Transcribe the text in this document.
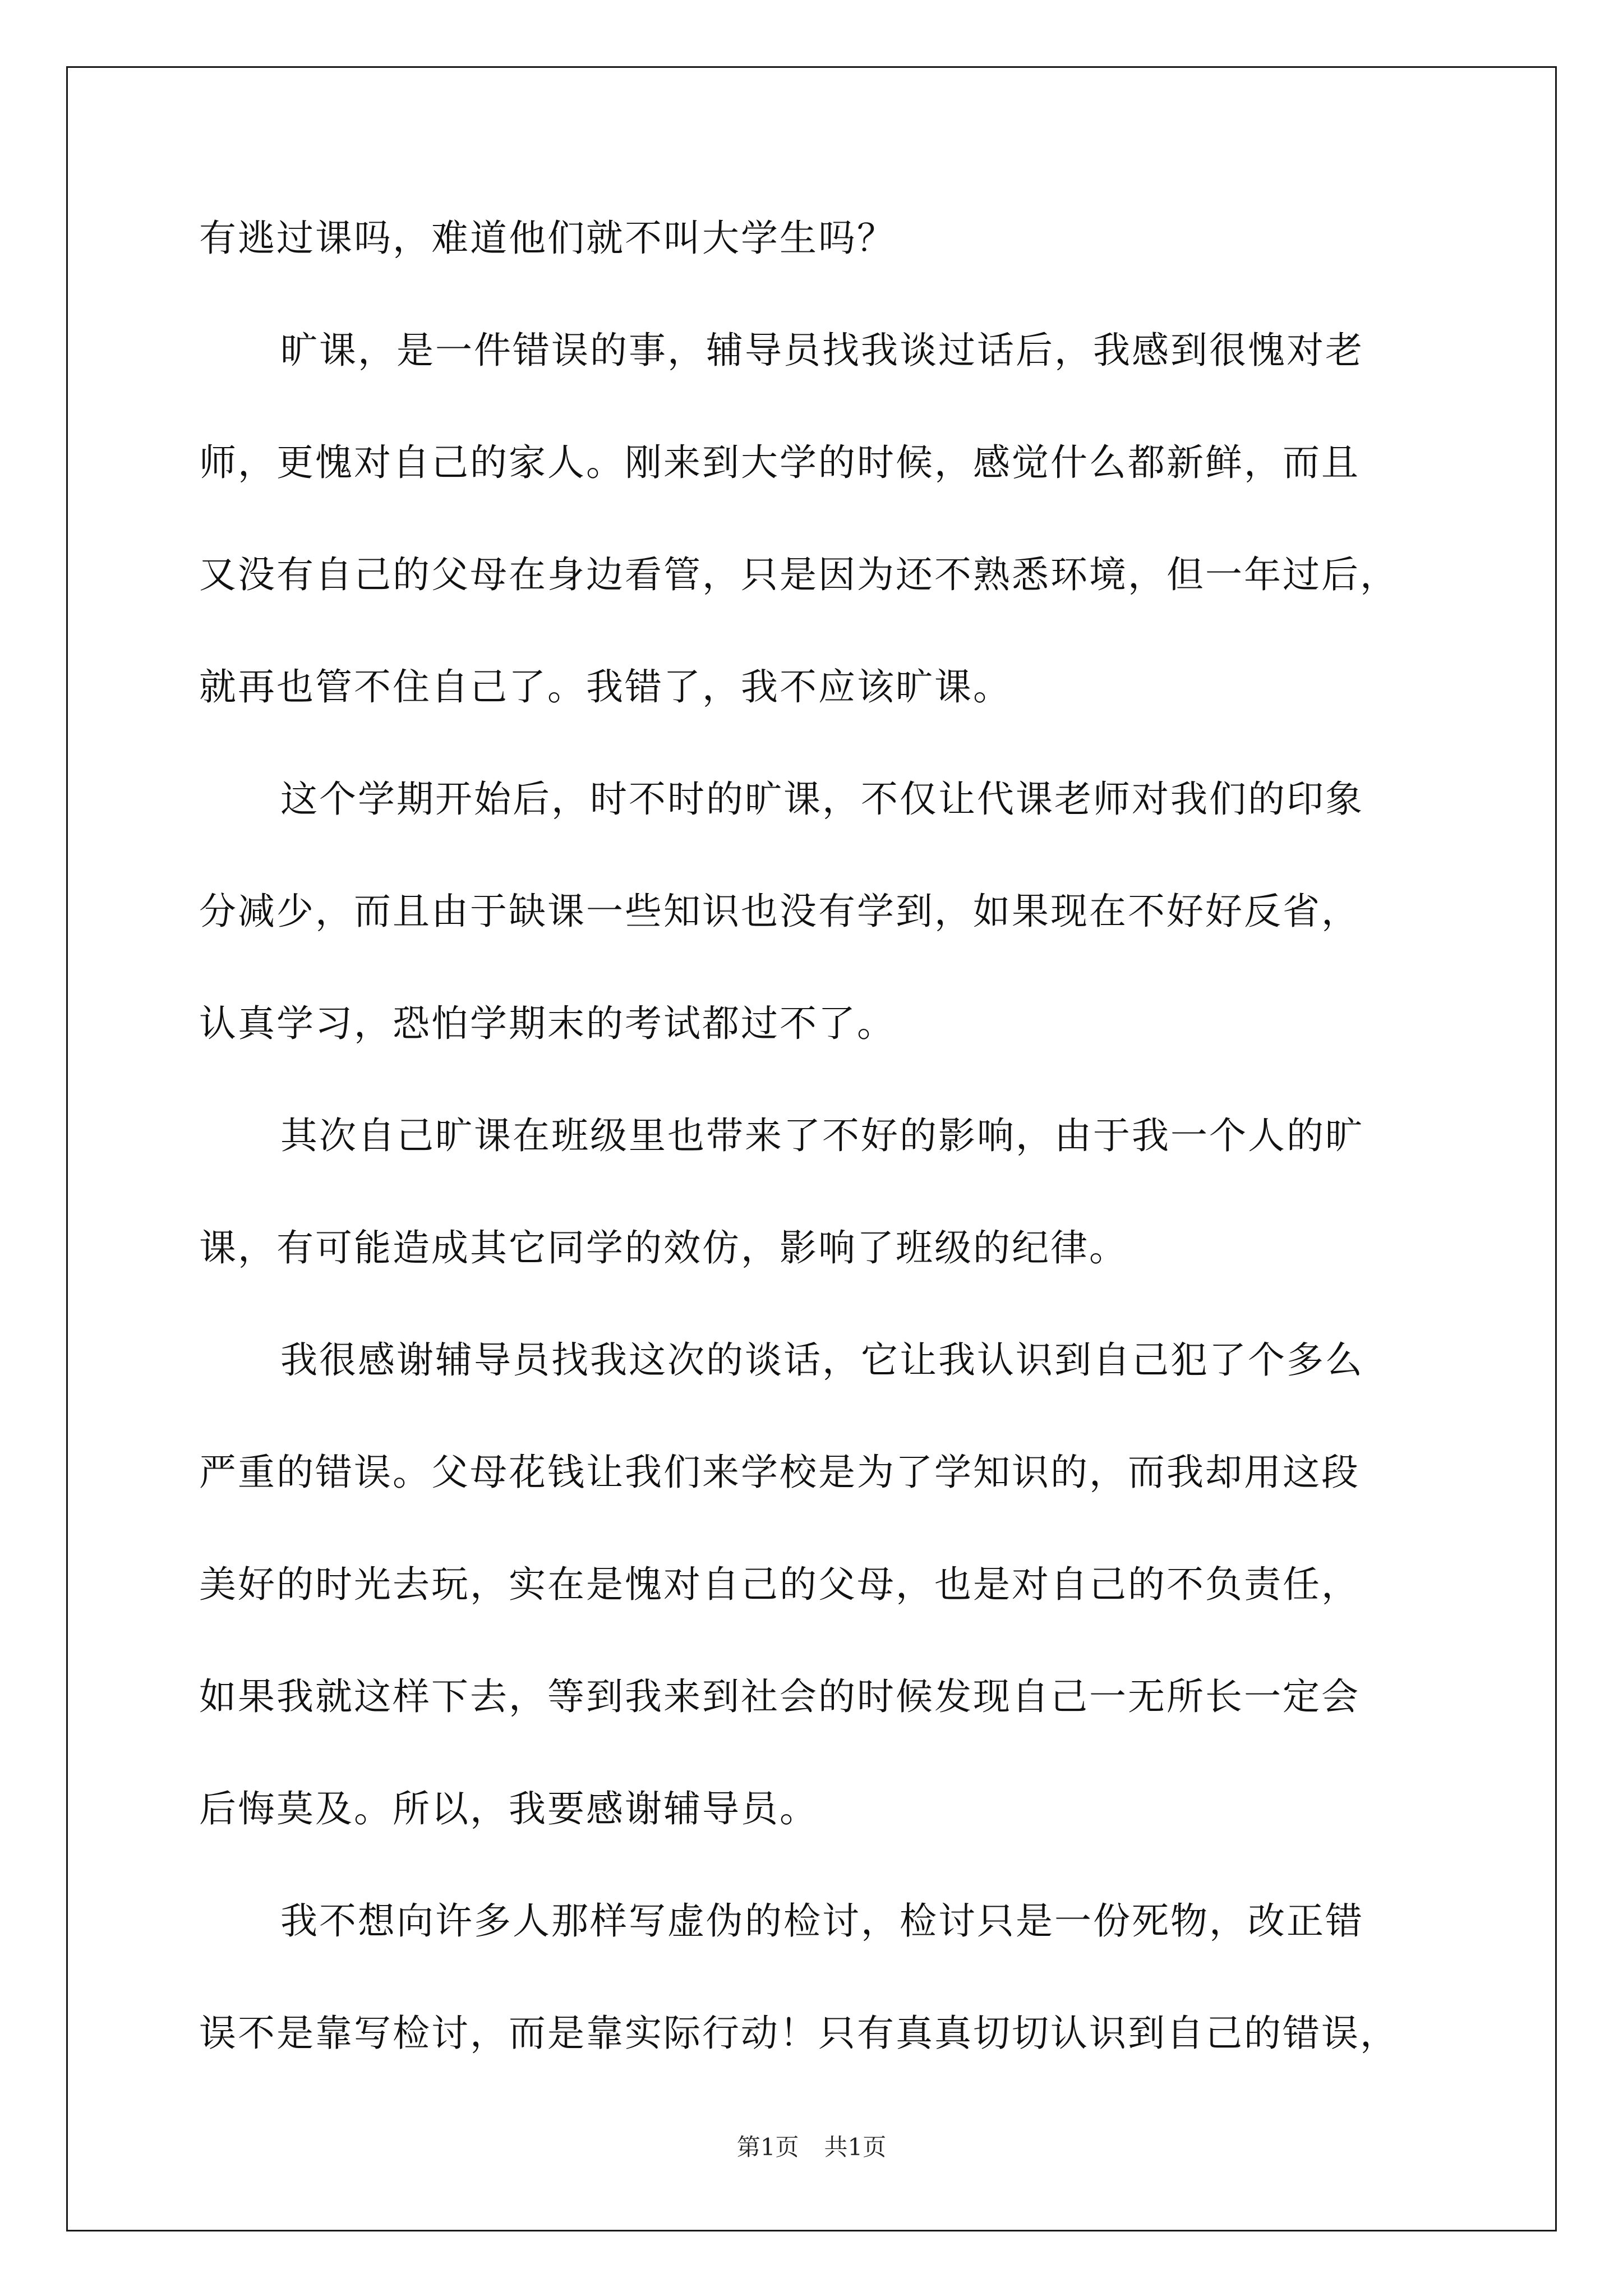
有逃过课吗，难道他们就不叫大学生吗？
旷课，是一件错误的事，辅导员找我谈过话后，我感到很愧对老
师，更愧对自己的家人。刚来到大学的时候，感觉什么都新鲜，而且
又没有自己的父母在身边看管，只是因为还不熟悉环境，但一年过后，
就再也管不住自己了。我错了，我不应该旷课。
这个学期开始后，时不时的旷课，不仅让代课老师对我们的印象
分减少，而且由于缺课一些知识也没有学到，如果现在不好好反省，
认真学习，恐怕学期末的考试都过不了。
其次自己旷课在班级里也带来了不好的影响，由于我一个人的旷
课，有可能造成其它同学的效仿，影响了班级的纪律。
我很感谢辅导员找我这次的谈话，它让我认识到自己犯了个多么
严重的错误。父母花钱让我们来学校是为了学知识的，而我却用这段
美好的时光去玩，实在是愧对自己的父母，也是对自己的不负责任，
如果我就这样下去，等到我来到社会的时候发现自己一无所长一定会
后悔莫及。所以，我要感谢辅导员。
我不想向许多人那样写虚伪的检讨，检讨只是一份死物，改正错
误不是靠写检讨，而是靠实际行动！只有真真切切认识到自己的错误，
第1页 共1页
